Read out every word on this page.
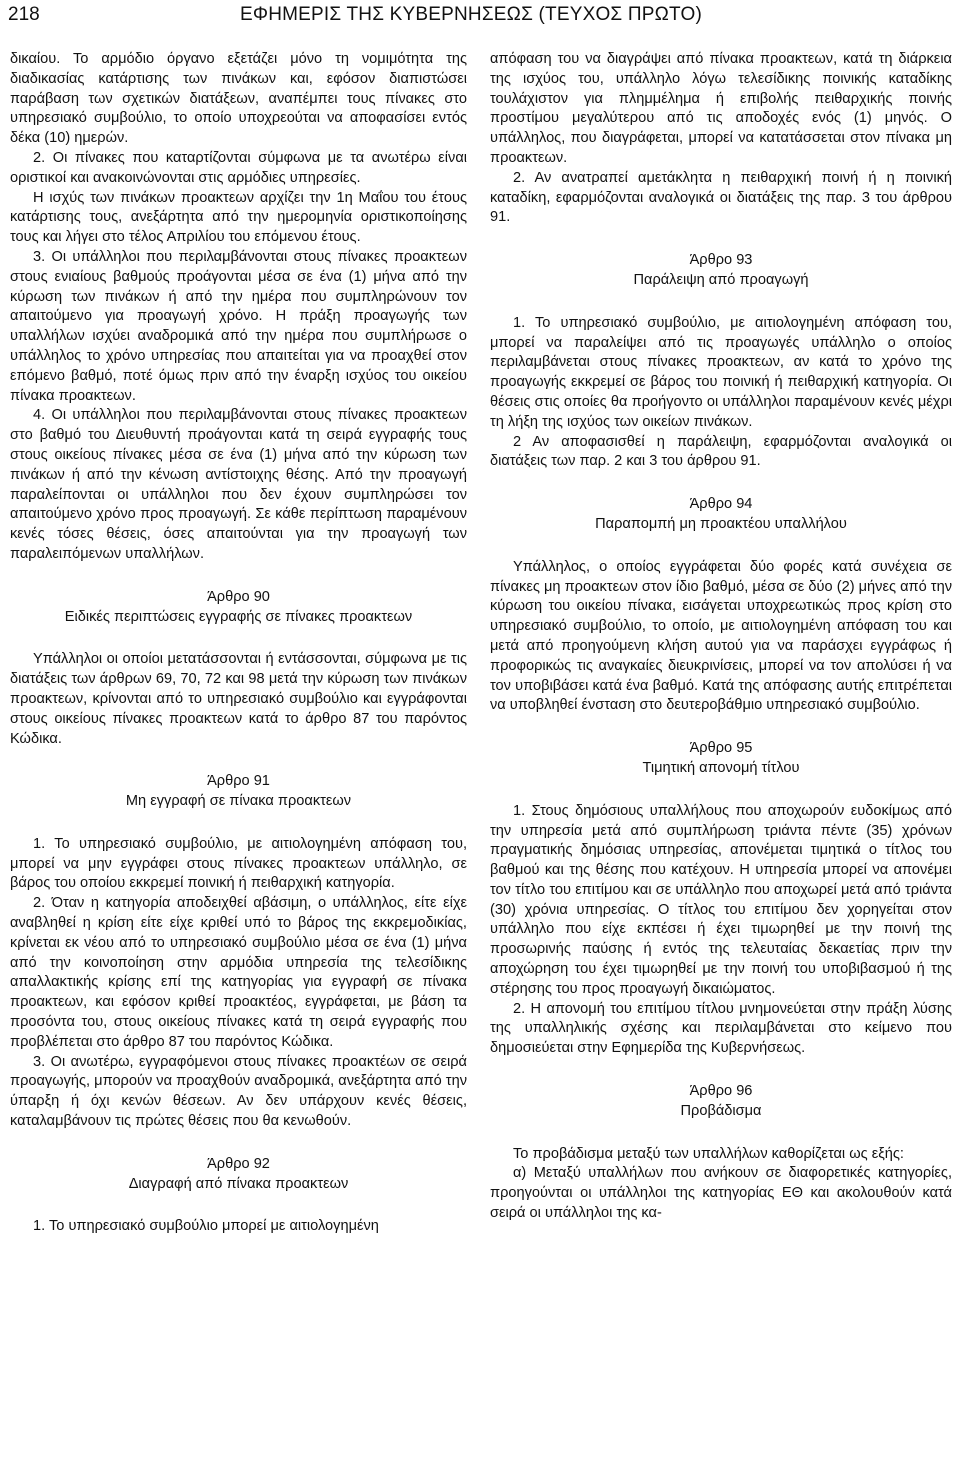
218	ΕΦΗΜΕΡΙΣ ΤΗΣ ΚΥΒΕΡΝΗΣΕΩΣ (ΤΕΥΧΟΣ ΠΡΩΤΟ)

δικαίου. Το αρμόδιο όργανο εξετάζει μόνο τη νομιμότητα της διαδικασίας κατάρτισης των πινάκων και, εφόσον διαπιστώσει παράβαση των σχετικών διατάξεων, αναπέμπει τους πίνακες στο υπηρεσιακό συμβούλιο, το οποίο υποχρεούται να αποφασίσει εντός δέκα (10) ημερών.

2. Οι πίνακες που καταρτίζονται σύμφωνα με τα ανωτέρω είναι οριστικοί και ανακοινώνονται στις αρμόδιες υπηρεσίες.

Η ισχύς των πινάκων προακτεων αρχίζει την 1η Μαΐου του έτους κατάρτισης τους, ανεξάρτητα από την ημερομηνία οριστικοποίησης τους και λήγει στο τέλος Απριλίου του επόμενου έτους.

3. Οι υπάλληλοι που περιλαμβάνονται στους πίνακες προακτεων στους ενιαίους βαθμούς προάγονται μέσα σε ένα (1) μήνα από την κύρωση των πινάκων ή από την ημέρα που συμπληρώνουν τον απαιτούμενο για προαγωγή χρόνο. Η πράξη προαγωγής των υπαλλήλων ισχύει αναδρομικά από την ημέρα που συμπλήρωσε ο υπάλληλος το χρόνο υπηρεσίας που απαιτείται για να προαχθεί στον επόμενο βαθμό, ποτέ όμως πριν από την έναρξη ισχύος του οικείου πίνακα προακτεων.

4. Οι υπάλληλοι που περιλαμβάνονται στους πίνακες προακτεων στο βαθμό του Διευθυντή προάγονται κατά τη σειρά εγγραφής τους στους οικείους πίνακες μέσα σε ένα (1) μήνα από την κύρωση των πινάκων ή από την κένωση αντίστοιχης θέσης. Από την προαγωγή παραλείπονται οι υπάλληλοι που δεν έχουν συμπληρώσει τον απαιτούμενο χρόνο προς προαγωγή. Σε κάθε περίπτωση παραμένουν κενές τόσες θέσεις, όσες απαιτούνται για την προαγωγή των παραλειπόμενων υπαλλήλων.

Άρθρο 90

Ειδικές περιπτώσεις εγγραφής σε πίνακες προακτεων

Υπάλληλοι οι οποίοι μετατάσσονται ή εντάσσονται, σύμφωνα με τις διατάξεις των άρθρων 69, 70, 72 και 98 μετά την κύρωση των πινάκων προακτεων, κρίνονται από το υπηρεσιακό συμβούλιο και εγγράφονται στους οικείους πίνακες προακτεων κατά το άρθρο 87 του παρόντος Κώδικα.

Άρθρο 91

Μη εγγραφή σε πίνακα προακτεων

1. Το υπηρεσιακό συμβούλιο, με αιτιολογημένη απόφαση του, μπορεί να μην εγγράφει στους πίνακες προακτεων υπάλληλο, σε βάρος του οποίου εκκρεμεί ποινική ή πειθαρχική κατηγορία.

2. Όταν η κατηγορία αποδειχθεί αβάσιμη, ο υπάλληλος, είτε είχε αναβληθεί η κρίση είτε είχε κριθεί υπό το βάρος της εκκρεμοδικίας, κρίνεται εκ νέου από το υπηρεσιακό συμβούλιο μέσα σε ένα (1) μήνα από την κοινοποίηση στην αρμόδια υπηρεσία της τελεσίδικης απαλλακτικής κρίσης επί της κατηγορίας για εγγραφή σε πίνακα προακτεων, και εφόσον κριθεί προακτέος, εγγράφεται, με βάση τα προσόντα του, στους οικείους πίνακες κατά τη σειρά εγγραφής που προβλέπεται στο άρθρο 87 του παρόντος Κώδικα.

3. Οι ανωτέρω, εγγραφόμενοι στους πίνακες προακτέων σε σειρά προαγωγής, μπορούν να προαχθούν αναδρομικά, ανεξάρτητα από την ύπαρξη ή όχι κενών θέσεων. Αν δεν υπάρχουν κενές θέσεις, καταλαμβάνουν τις πρώτες θέσεις που θα κενωθούν.

Άρθρο 92

Διαγραφή από πίνακα προακτεων

1. Το υπηρεσιακό συμβούλιο μπορεί με αιτιολογημένη

απόφαση του να διαγράψει από πίνακα προακτεων, κατά τη διάρκεια της ισχύος του, υπάλληλο λόγω τελεσίδικης ποινικής καταδίκης τουλάχιστον για πλημμέλημα ή επιβολής πειθαρχικής ποινής προστίμου μεγαλύτερου από τις αποδοχές ενός (1) μηνός. Ο υπάλληλος, που διαγράφεται, μπορεί να κατατάσσεται στον πίνακα μη προακτεων.

2. Αν ανατραπεί αμετάκλητα η πειθαρχική ποινή ή η ποινική καταδίκη, εφαρμόζονται αναλογικά οι διατάξεις της παρ. 3 του άρθρου 91.

Άρθρο 93

Παράλειψη από προαγωγή

1. Το υπηρεσιακό συμβούλιο, με αιτιολογημένη απόφαση του, μπορεί να παραλείψει από τις προαγωγές υπάλληλο ο οποίος περιλαμβάνεται στους πίνακες προακτεων, αν κατά το χρόνο της προαγωγής εκκρεμεί σε βάρος του ποινική ή πειθαρχική κατηγορία. Οι θέσεις στις οποίες θα προήγοντο οι υπάλληλοι παραμένουν κενές μέχρι τη λήξη της ισχύος των οικείων πινάκων.

2 Αν αποφασισθεί η παράλειψη, εφαρμόζονται αναλογικά οι διατάξεις των παρ. 2 και 3 του άρθρου 91.

Άρθρο 94

Παραπομπή μη προακτέου υπαλλήλου

Υπάλληλος, ο οποίος εγγράφεται δύο φορές κατά συνέχεια σε πίνακες μη προακτεων στον ίδιο βαθμό, μέσα σε δύο (2) μήνες από την κύρωση του οικείου πίνακα, εισάγεται υποχρεωτικώς προς κρίση στο υπηρεσιακό συμβούλιο, το οποίο, με αιτιολογημένη απόφαση του και μετά από προηγούμενη κλήση αυτού για να παράσχει εγγράφως ή προφορικώς τις αναγκαίες διευκρινίσεις, μπορεί να τον απολύσει ή να τον υποβιβάσει κατά ένα βαθμό. Κατά της απόφασης αυτής επιτρέπεται να υποβληθεί ένσταση στο δευτεροβάθμιο υπηρεσιακό συμβούλιο.

Άρθρο 95

Τιμητική απονομή τίτλου

1. Στους δημόσιους υπαλλήλους που αποχωρούν ευδοκίμως από την υπηρεσία μετά από συμπλήρωση τριάντα πέντε (35) χρόνων πραγματικής δημόσιας υπηρεσίας, απονέμεται τιμητικά ο τίτλος του βαθμού και της θέσης που κατέχουν. Η υπηρεσία μπορεί να απονέμει τον τίτλο του επιτίμου και σε υπάλληλο που αποχωρεί μετά από τριάντα (30) χρόνια υπηρεσίας. Ο τίτλος του επιτίμου δεν χορηγείται στον υπάλληλο που είχε εκπέσει ή έχει τιμωρηθεί με την ποινή της προσωρινής παύσης ή εντός της τελευταίας δεκαετίας πριν την αποχώρηση του έχει τιμωρηθεί με την ποινή του υποβιβασμού ή της στέρησης του προς προαγωγή δικαιώματος.

2. Η απονομή του επιτίμου τίτλου μνημονεύεται στην πράξη λύσης της υπαλληλικής σχέσης και περιλαμβάνεται στο κείμενο που δημοσιεύεται στην Εφημερίδα της Κυβερνήσεως.

Άρθρο 96

Προβάδισμα

Το προβάδισμα μεταξύ των υπαλλήλων καθορίζεται ως εξής:

α) Μεταξύ υπαλλήλων που ανήκουν σε διαφορετικές κατηγορίες, προηγούνται οι υπάλληλοι της κατηγορίας ΕΘ και ακολουθούν κατά σειρά οι υπάλληλοι της κα-
